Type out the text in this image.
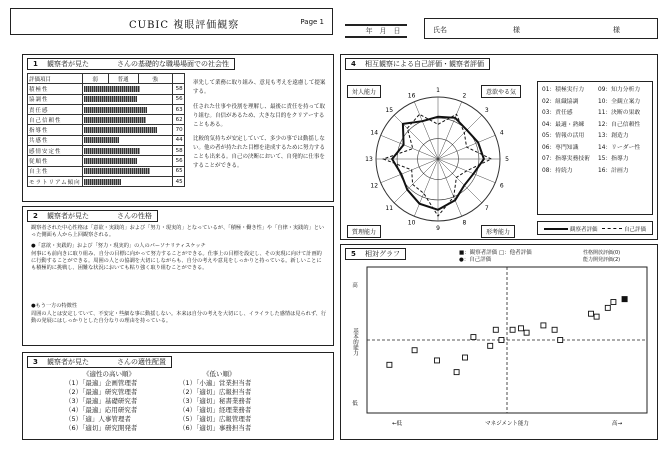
CUBIC 複眼評価観察	Page 1
　　年　月　日	氏名	　　　　様	　　　　様
1 観察者が見た　　　　さんの基礎的な職場場面での社会性
評価項目	弱	普通	強	
積極性				58
協調性				56
責任感				63
自己信頼性				62
指導性				70
共感性				44
感情安定性				58
従順性				56
自主性				65
モラトリアム傾向				45
率先して業務に取り組み、意見も考えを遠慮して提案する。
任された仕事や役割を理解し、最後に責任を持って取り組む。自信があるため、大きな目的をクリアーすることもある。
比較的気持ちが安定していて、多少の事では動揺しない。他の者が持たれた目標を達成するために努力することも出来る。自己の決断において、自発的に仕事をすることができる。
2 観察者が見た　　　　さんの性格
観察者された中心性格は「意欲・実践的」および「努力・現実的」となっているが、「積極・働き性」や「自律・実践的」といった側面も人から上回観察される。
●「意欲・実践的」および「努力・現実的」の人のパーソナリティスケッチ
何事にも前向きに取り組み、自分の目標に向かって努力することができる。仕事上の目標を設定し、その実現に向けて計画的に行動することができる。周囲の人との協調を大切にしながらも、自分の考えや意見をしっかりと持っている。新しいことにも積極的に挑戦し、困難な状況においても粘り強く取り組むことができる。
●もう一方の特徴性
周囲の人とは安定していて、不安定・些細な事に動揺しない。本来は自分の考えを大切にし、イライラした感情は見られず、行動の発展にはしっかりとした自分なりの理由を持っている。
3 観察者が見た　　　　さんの適性配置
《適性の高い順》	《低い順》
（1）「最適」企画管理者
（2）「最適」研究管理者
（3）「最適」基礎研究者
（4）「最適」応用研究者
（5）「適」人事管理者
（6）「適切」研究開発者
（1）「小適」営業担当者
（2）「適切」広報担当者
（3）「適切」秘書業務者
（4）「適切」経理業務者
（5）「適切」広報管理者
（6）「適切」事務担当者
4 相互観察による自己評価・観察者評価
1
2
3
4
5
6
7
8
9
10
11
12
13
14
15
16
対人能力	意欲やる気
質理能力	形考能力
01：積極実行力
02：組織協調
03：責任感
04：最適・熟練
05：情報の活用
06：専門知識
07：指導実務技術
08：持続力
09：知力分析力
10：全観立案力
11：決断の果敢
12：自己信頼性
13：創造力
14：リーダー性
15：指導力
16：計画力
観察者評価	自己評価
5 相対グラフ	■：観察者評価 □：他者評価
●：自己評価
性格開放評価(0)
能力開発評価(2)
高
基本的能力
低
←低	マネジメント能力	高→
